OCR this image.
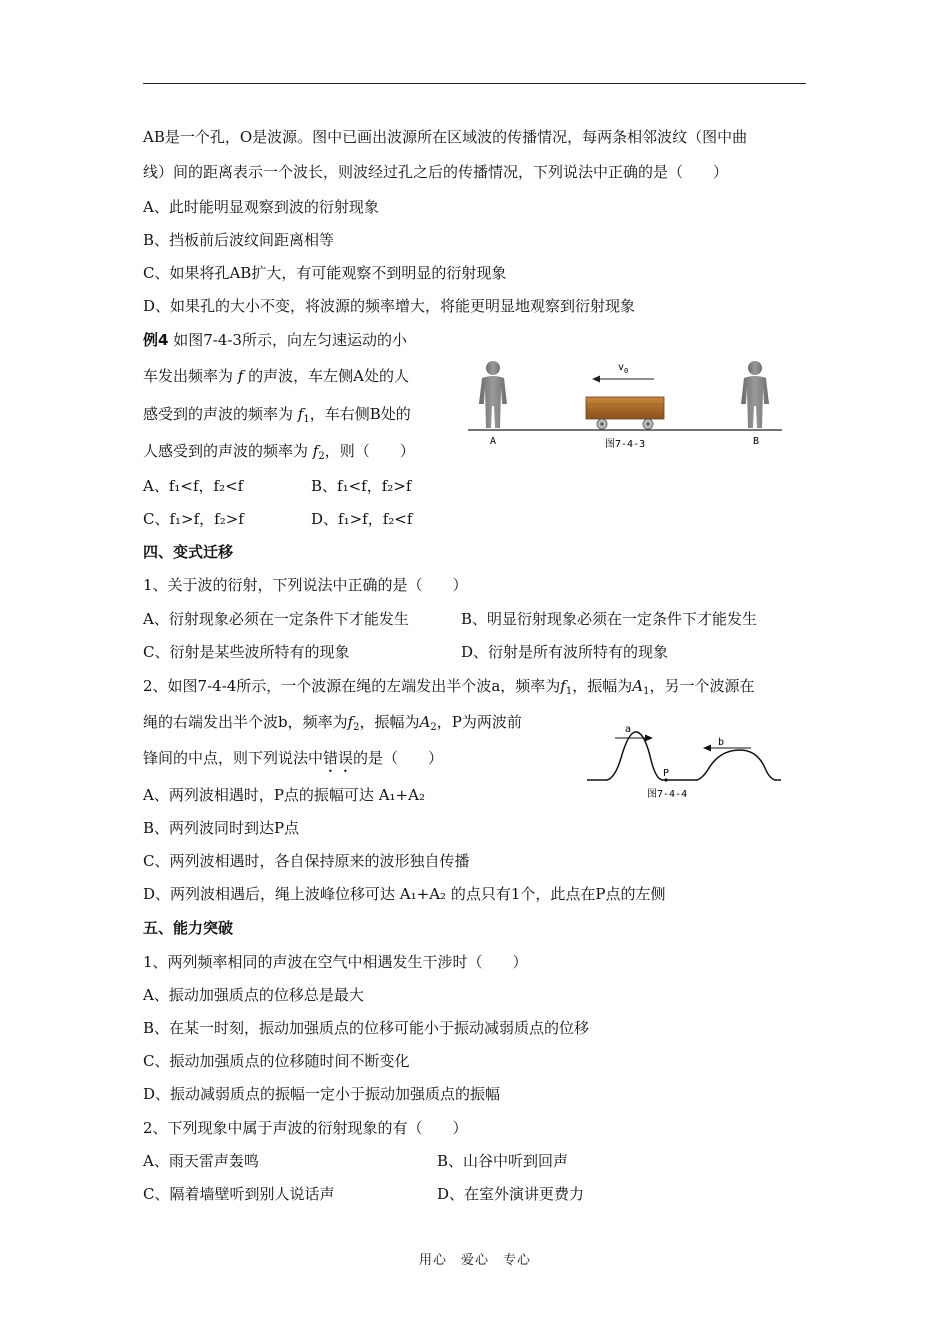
AB是一个孔，O是波源。图中已画出波源所在区域波的传播情况，每两条相邻波纹（图中曲
线）间的距离表示一个波长，则波经过孔之后的传播情况，下列说法中正确的是（　　）
A、此时能明显观察到波的衍射现象
B、挡板前后波纹间距离相等
C、如果将孔AB扩大，有可能观察不到明显的衍射现象
D、如果孔的大小不变，将波源的频率增大，将能更明显地观察到衍射现象
例4 如图7-4-3所示，向左匀速运动的小
车发出频率为 f 的声波，车左侧A处的人
感受到的声波的频率为 $f_1$，车右侧B处的
人感受到的声波的频率为 $f_2$，则（　　）
A、f₁<f，f₂<f	B、f₁<f，f₂>f
C、f₁>f，f₂>f	D、f₁>f，f₂<f
$v_0$
A	B
图7-4-3
四、变式迁移
1、关于波的衍射，下列说法中正确的是（　　）
A、衍射现象必须在一定条件下才能发生	B、明显衍射现象必须在一定条件下才能发生
C、衍射是某些波所特有的现象	D、衍射是所有波所特有的现象
2、如图7-4-4所示，一个波源在绳的左端发出半个波a，频率为$f_1$，振幅为$A_1$，另一个波源在
绳的右端发出半个波b，频率为$f_2$，振幅为$A_2$，P为两波前
锋间的中点，则下列说法中错误的是（　　）
A、两列波相遇时，P点的振幅可达 A₁+A₂
B、两列波同时到达P点
C、两列波相遇时，各自保持原来的波形独自传播
D、两列波相遇后，绳上波峰位移可达 A₁+A₂ 的点只有1个，此点在P点的左侧
a
b
P
图7-4-4
五、能力突破
1、两列频率相同的声波在空气中相遇发生干涉时（　　）
A、振动加强质点的位移总是最大
B、在某一时刻，振动加强质点的位移可能小于振动减弱质点的位移
C、振动加强质点的位移随时间不断变化
D、振动减弱质点的振幅一定小于振动加强质点的振幅
2、下列现象中属于声波的衍射现象的有（　　）
A、雨天雷声轰鸣	B、山谷中听到回声
C、隔着墙壁听到别人说话声	D、在室外演讲更费力
用心　爱心　专心
